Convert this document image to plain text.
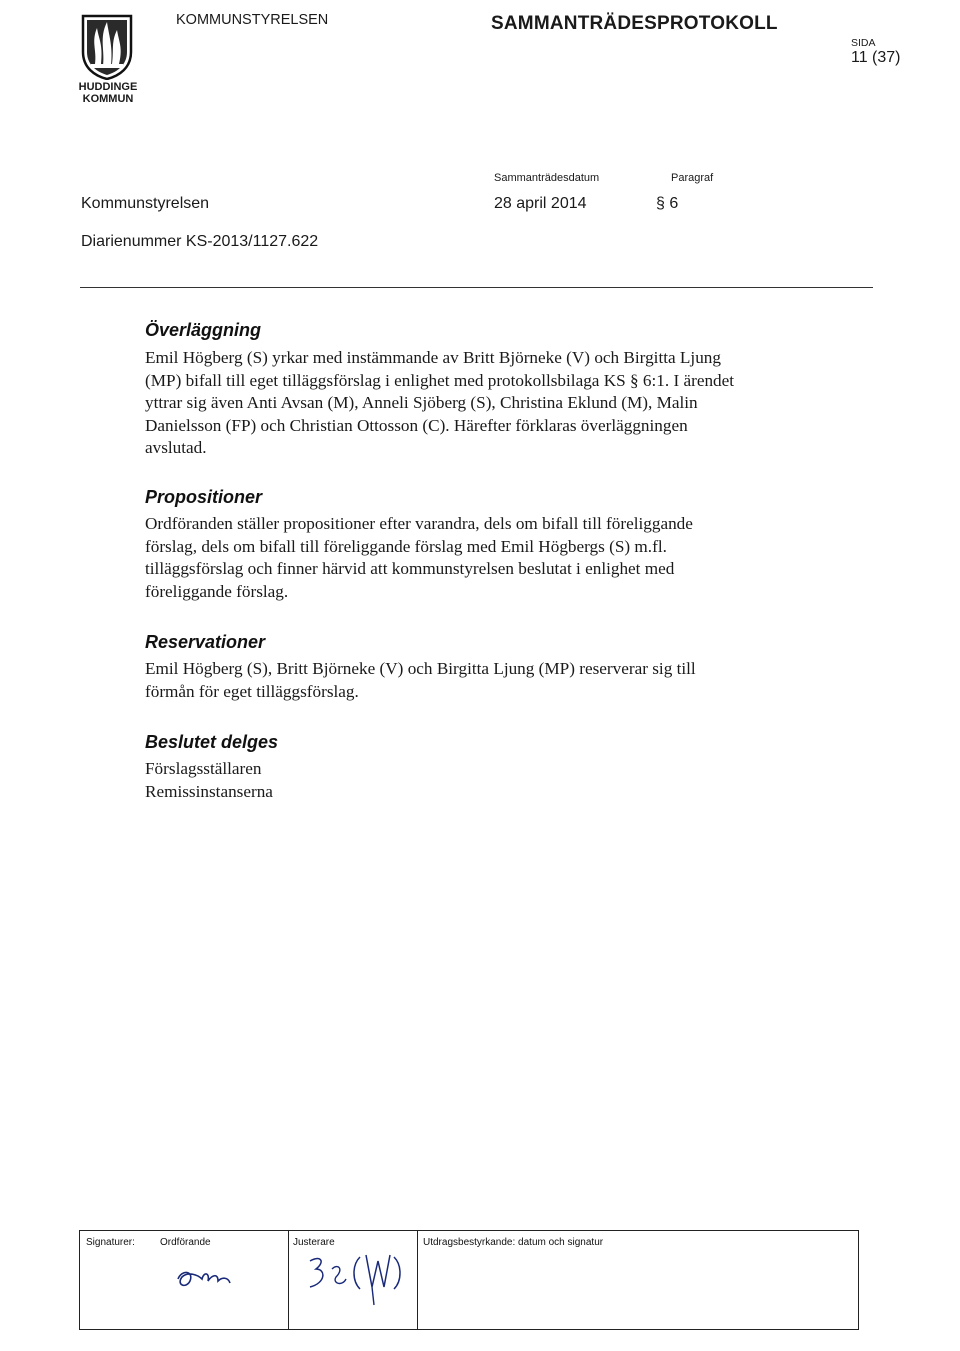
HUDDINGE
KOMMUN
KOMMUNSTYRELSEN	SAMMANTRÄDESPROTOKOLL
SIDA
11 (37)
Sammanträdesdatum	Paragraf
Kommunstyrelsen	28 april 2014	§ 6
Diarienummer KS-2013/1127.622
Överläggning
Emil Högberg (S) yrkar med instämmande av Britt Björneke (V) och Birgitta Ljung
(MP) bifall till eget tilläggsförslag i enlighet med protokollsbilaga KS § 6:1. I ärendet
yttrar sig även Anti Avsan (M), Anneli Sjöberg (S), Christina Eklund (M), Malin
Danielsson (FP) och Christian Ottosson (C). Härefter förklaras överläggningen
avslutad.
Propositioner
Ordföranden ställer propositioner efter varandra, dels om bifall till föreliggande
förslag, dels om bifall till föreliggande förslag med Emil Högbergs (S) m.fl.
tilläggsförslag och finner härvid att kommunstyrelsen beslutat i enlighet med
föreliggande förslag.
Reservationer
Emil Högberg (S), Britt Björneke (V) och Birgitta Ljung (MP) reserverar sig till
förmån för eget tilläggsförslag.
Beslutet delges
Förslagsställaren
Remissinstanserna
Signaturer:	Ordförande	Justerare	Utdragsbestyrkande: datum och signatur
